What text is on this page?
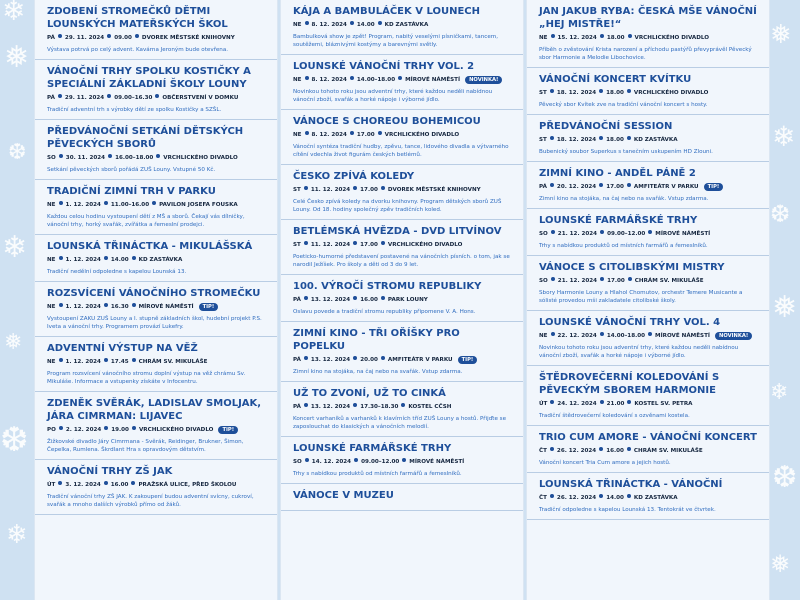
❄
❅
❆
❄
❅
❆
❄
❅
❄
❆
❅
❄
❆
❅
ZDOBENÍ STROMEČKŮ DĚTMI LOUNSKÝCH MATEŘSKÝCH ŠKOL
PÁ 29. 11. 2024 09.00 DVOREK MĚSTSKÉ KNIHOVNY
Výstava potrvá po celý advent. Kavárna Jeroným bude otevřena.
VÁNOČNÍ TRHY SPOLKU KOSTIČKY A SPECIÁLNÍ ZÁKLADNÍ ŠKOLY LOUNY
PÁ 29. 11. 2024 09.00–16.30 OBČERSTVENÍ V DOMKU
Tradiční adventní trh s výrobky dětí ze spolku Kostičky a SZŠL.
PŘEDVÁNOČNÍ SETKÁNÍ DĚTSKÝCH PĚVECKÝCH SBORŮ
SO 30. 11. 2024 16.00–18.00 VRCHLICKÉHO DIVADLO
Setkání pěveckých sborů pořádá ZUŠ Louny. Vstupné 50 Kč.
TRADIČNÍ ZIMNÍ TRH V PARKU
NE 1. 12. 2024 11.00–16.00 PAVILON JOSEFA FOUSKA
Každou celou hodinu vystoupení dětí z MŠ a sborů. Čekají vás dílničky, vánoční trhy, horký svařák, zvířátka a řemeslní prodejci.
LOUNSKÁ TŘINÁCTKA - MIKULÁŠSKÁ
NE 1. 12. 2024 14.00 KD ZASTÁVKA
Tradiční nedělní odpoledne s kapelou Lounská 13.
ROZSVÍCENÍ VÁNOČNÍHO STROMEČKU
NE 1. 12. 2024 16.30 MÍROVÉ NÁMĚSTÍ TIP!
Vystoupení ZAKU ZUŠ Louny a I. stupně základních škol, hudební projekt P.S. Iveta a vánoční trhy. Programem provází Lukefry.
ADVENTNÍ VÝSTUP NA VĚŽ
NE 1. 12. 2024 17.45 CHRÁM SV. MIKULÁŠE
Program rozsvícení vánočního stromu doplní výstup na věž chrámu Sv. Mikuláše. Informace a vstupenky získáte v Infocentru.
ZDENĚK SVĚRÁK, LADISLAV SMOLJAK, JÁRA CIMRMAN: LIJAVEC
PO 2. 12. 2024 19.00 VRCHLICKÉHO DIVADLO TIP!
Žižkovské divadlo Járy Cimrmana - Svěrák, Reidinger, Brukner, Šimon, Čepelka, Rumlena. Škrdlant Hra s opravdovým dětstvím.
VÁNOČNÍ TRHY ZŠ JAK
ÚT 3. 12. 2024 16.00 PRAŽSKÁ ULICE, PŘED ŠKOLOU
Tradiční vánoční trhy ZŠ JAK. K zakoupení budou adventní svícny, cukroví, svařák a mnoho dalších výrobků přímo od žáků.
KÁJA A BAMBULÁČEK V LOUNECH
NE 8. 12. 2024 14.00 KD ZASTÁVKA
Bambulková show je zpět! Program, nabitý veselými písničkami, tancem, soutěžemi, bláznivými kostýmy a barevnými světly.
LOUNSKÉ VÁNOČNÍ TRHY VOL. 2
NE 8. 12. 2024 14.00–18.00 MÍROVÉ NÁMĚSTÍ NOVINKA!
Novinkou tohoto roku jsou adventní trhy, které každou neděli nabídnou vánoční zboží, svařák a horké nápoje i výborné jídlo.
VÁNOCE S CHOREOU BOHEMICOU
NE 8. 12. 2024 17.00 VRCHLICKÉHO DIVADLO
Vánoční syntéza tradiční hudby, zpěvu, tance, lidového divadla a výtvarného cítění vdechla život figurám českých betlémů.
ČESKO ZPÍVÁ KOLEDY
ST 11. 12. 2024 17.00 DVOREK MĚSTSKÉ KNIHOVNY
Celé Česko zpívá koledy na dvorku knihovny. Program dětských sborů ZUŠ Louny. Od 18. hodiny společný zpěv tradičních koled.
BETLÉMSKÁ HVĚZDA - DVD LITVÍNOV
ST 11. 12. 2024 17.00 VRCHLICKÉHO DIVADLO
Poeticko-humorné představení postavené na vánočních písních. o tom, jak se narodil Ježíšek. Pro školy a děti od 3 do 9 let.
100. VÝROČÍ STROMU REPUBLIKY
PÁ 13. 12. 2024 16.00 PARK LOUNY
Oslavu povede a tradiční stromu republiky připomene V. A. Hons.
ZIMNÍ KINO - TŘI OŘÍŠKY PRO POPELKU
PÁ 13. 12. 2024 20.00 AMFITEÁTR V PARKU TIP!
Zimní kino na stojáka, na čaj nebo na svařák. Vstup zdarma.
UŽ TO ZVONÍ, UŽ TO CINKÁ
PÁ 13. 12. 2024 17.30–18.30 KOSTEL CČSH
Koncert varhaníků a varhanků k klavírních tříd ZUŠ Louny a hostů. Přijďte se zaposlouchat do klasických a vánočních melodií.
LOUNSKÉ FARMÁŘSKÉ TRHY
SO 14. 12. 2024 09.00–12.00 MÍROVÉ NÁMĚSTÍ
Trhy s nabídkou produktů od místních farmářů a řemeslníků.
VÁNOCE V MUZEU
JAN JAKUB RYBA: ČESKÁ MŠE VÁNOČNÍ „HEJ MISTŘE!“
NE 15. 12. 2024 18.00 VRCHLICKÉHO DIVADLO
Příběh o zvěstování Krista narození a příchodu pastýřů převyprávěl Pěvecký sbor Harmonie a Melodie Libochovice.
VÁNOČNÍ KONCERT KVÍTKU
ST 18. 12. 2024 18.00 VRCHLICKÉHO DIVADLO
Pěvecký sbor Kvítek zve na tradiční vánoční koncert s hosty.
PŘEDVÁNOČNÍ SESSION
ST 18. 12. 2024 18.00 KD ZASTÁVKA
Bubenický soubor Superkus s tanečním uskupením HD Zlouni.
ZIMNÍ KINO - ANDĚL PÁNĚ 2
PÁ 20. 12. 2024 17.00 AMFITEÁTR V PARKU TIP!
Zimní kino na stojáka, na čaj nebo na svařák. Vstup zdarma.
LOUNSKÉ FARMÁŘSKÉ TRHY
SO 21. 12. 2024 09.00–12.00 MÍROVÉ NÁMĚSTÍ
Trhy s nabídkou produktů od místních farmářů a řemeslníků.
VÁNOCE S CITOLIBSKÝMI MISTRY
SO 21. 12. 2024 17.00 CHRÁM SV. MIKULÁŠE
Sbory Harmonie Louny a Hlahol Chomutov, orchestr Temere Musicante a sólisté provedou mši zakladatele citolibské školy.
LOUNSKÉ VÁNOČNÍ TRHY VOL. 4
NE 22. 12. 2024 14.00–18.00 MÍROVÉ NÁMĚSTÍ NOVINKA!
Novinkou tohoto roku jsou adventní trhy, které každou neděli nabídnou vánoční zboží, svařák a horké nápoje i výborné jídlo.
ŠTĚDROVEČERNÍ KOLEDOVÁNÍ S PĚVECKÝM SBOREM HARMONIE
ÚT 24. 12. 2024 21.00 KOSTEL SV. PETRA
Tradiční štědrovečerní koledování s ozvěnami kostela.
TRIO CUM AMORE - VÁNOČNÍ KONCERT
ČT 26. 12. 2024 16.00 CHRÁM SV. MIKULÁŠE
Vánoční koncert Tria Cum amore a jejich hostů.
LOUNSKÁ TŘINÁCTKA - VÁNOČNÍ
ČT 26. 12. 2024 14.00 KD ZASTÁVKA
Tradiční odpoledne s kapelou Lounská 13. Tentokrát ve čtvrtek.
